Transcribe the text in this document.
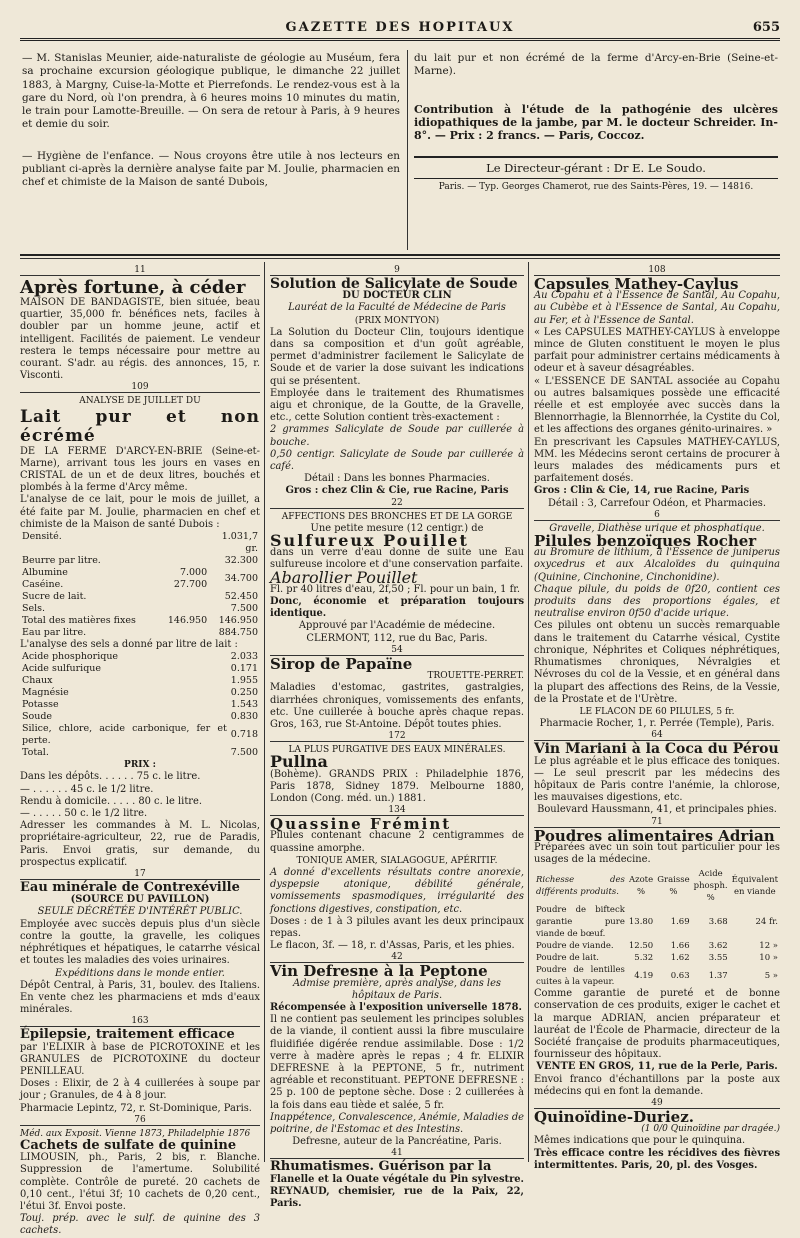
GAZETTE DES HOPITAUX	655

— M. Stanislas Meunier, aide-naturaliste de géologie au Muséum, fera sa prochaine excursion géologique publique, le dimanche 22 juillet 1883, à Margny, Cuise-la-Motte et Pierrefonds. Le rendez-vous est à la gare du Nord, où l'on prendra, à 6 heures moins 10 minutes du matin, le train pour Lamotte-Breuille. — On sera de retour à Paris, à 9 heures et demie du soir.

— Hygiène de l'enfance. — Nous croyons être utile à nos lecteurs en publiant ci-après la dernière analyse faite par M. Joulie, pharmacien en chef et chimiste de la Maison de santé Dubois,

du lait pur et non écrémé de la ferme d'Arcy-en-Brie (Seine-et-Marne).

Contribution à l'étude de la pathogénie des ulcères idiopathiques de la jambe, par M. le docteur Schreider. In-8°. — Prix : 2 francs. — Paris, Coccoz.

Le Directeur-gérant : Dr E. Le Soudo.

Paris. — Typ. Georges Chamerot, rue des Saints-Pères, 19. — 14816.

11

Après fortune, à céder

MAISON DE BANDAGISTE, bien située, beau quartier, 35,000 fr. bénéfices nets, faciles à doubler par un homme jeune, actif et intelligent. Facilités de paiement. Le vendeur restera le temps nécessaire pour mettre au courant. S'adr. au régis. des annonces, 15, r. Visconti.

109

ANALYSE DE JUILLET DU

Lait pur et non écrémé

DE LA FERME D'ARCY-EN-BRIE (Seine-et-Marne), arrivant tous les jours en vases en CRISTAL de un et de deux litres, bouchés et plombés à la ferme d'Arcy même.

L'analyse de ce lait, pour le mois de juillet, a été faite par M. Joulie, pharmacien en chef et chimiste de la Maison de santé Dubois :

Densité.		1.031,7
		gr.
Beurre par litre.		32.300
Albumine	7.000	34.700
Caséine.	27.700	
Sucre de lait.		52.450
Sels.		7.500
Total des matières fixes	146.950	146.950
Eau par litre.		884.750

L'analyse des sels a donné par litre de lait :

Acide phosphorique	2.033
Acide sulfurique	0.171
Chaux	1.955
Magnésie	0.250
Potasse	1.543
Soude	0.830
Silice, chlore, acide carbonique, fer et perte.	0.718
Total.	7.500

PRIX :

Dans les dépôts. . . . . . 75 c. le litre.

— . . . . . . 45 c. le 1/2 litre.

Rendu à domicile. . . . . 80 c. le litre.

— . . . . . 50 c. le 1/2 litre.

Adresser les commandes à M. L. Nicolas, propriétaire-agriculteur, 22, rue de Paradis, Paris. Envoi gratis, sur demande, du prospectus explicatif.

17

Eau minérale de Contrexéville

(SOURCE DU PAVILLON)

SEULE DÉCRÉTÉE D'INTÉRÊT PUBLIC.

Employée avec succès depuis plus d'un siècle contre la goutte, la gravelle, les coliques néphrétiques et hépatiques, le catarrhe vésical et toutes les maladies des voies urinaires.

Expéditions dans le monde entier.

Dépôt Central, à Paris, 31, boulev. des Italiens. En vente chez les pharmaciens et mds d'eaux minérales.

163

Épilepsie, traitement efficace

par l'ELIXIR à base de PICROTOXINE et les GRANULES de PICROTOXINE du docteur PENILLEAU.

Doses : Elixir, de 2 à 4 cuillerées à soupe par jour ; Granules, de 4 à 8 jour.

Pharmacie Lepintz, 72, r. St-Dominique, Paris.

76

Méd. aux Exposit. Vienne 1873, Philadelphie 1876

Cachets de sulfate de quinine

LIMOUSIN, ph., Paris, 2 bis, r. Blanche. Suppression de l'amertume. Solubilité complète. Contrôle de pureté. 20 cachets de 0,10 cent., l'étui 3f; 10 cachets de 0,20 cent., l'étui 3f. Envoi poste.

Touj. prép. avec le sulf. de quinine des 3 cachets.

9

Solution de Salicylate de Soude

DU DOCTEUR CLIN

Lauréat de la Faculté de Médecine de Paris

(PRIX MONTYON)

La Solution du Docteur Clin, toujours identique dans sa composition et d'un goût agréable, permet d'administrer facilement le Salicylate de Soude et de varier la dose suivant les indications qui se présentent.

Employée dans le traitement des Rhumatismes aigu et chronique, de la Goutte, de la Gravelle, etc., cette Solution contient très-exactement :

2 grammes Salicylate de Soude par cuillerée à bouche.

0,50 centigr. Salicylate de Soude par cuillerée à café.

Détail : Dans les bonnes Pharmacies.

Gros : chez Clin & Cie, rue Racine, Paris

22

AFFECTIONS DES BRONCHES ET DE LA GORGE

Une petite mesure (12 centigr.) de

Sulfureux Pouillet

dans un verre d'eau donne de suite une Eau sulfureuse incolore et d'une conservation parfaite.

Abarollier Pouillet

Fl. pr 40 litres d'eau, 2f,50 ; Fl. pour un bain, 1 fr.

Donc, économie et préparation toujours identique.

Approuvé par l'Académie de médecine.

CLERMONT, 112, rue du Bac, Paris.

54

Sirop de Papaïne

TROUETTE-PERRET.

Maladies d'estomac, gastrites, gastralgies, diarrhées chroniques, vomissements des enfants, etc. Une cuillerée à bouche après chaque repas. Gros, 163, rue St-Antoine. Dépôt toutes phies.

172

LA PLUS PURGATIVE DES EAUX MINÉRALES.

Pullna

(Bohème). GRANDS PRIX : Philadelphie 1876, Paris 1878, Sidney 1879. Melbourne 1880, London (Cong. méd. un.) 1881.

134

Quassine Frémint

Pilules contenant chacune 2 centigrammes de quassine amorphe.

TONIQUE AMER, SIALAGOGUE, APÉRITIF.

A donné d'excellents résultats contre anorexie, dyspepsie atonique, débilité générale, vomissements spasmodiques, irrégularité des fonctions digestives, constipation, etc.

Doses : de 1 à 3 pilules avant les deux principaux repas.

Le flacon, 3f. — 18, r. d'Assas, Paris, et les phies.

42

Vin Defresne à la Peptone

Admise première, après analyse, dans les hôpitaux de Paris.

Récompensée à l'exposition universelle 1878.

Il ne contient pas seulement les principes solubles de la viande, il contient aussi la fibre musculaire fluidifiée digérée rendue assimilable. Dose : 1/2 verre à madère après le repas ; 4 fr. ELIXIR DEFRESNE à la PEPTONE, 5 fr., nutriment agréable et reconstituant. PEPTONE DEFRESNE : 25 p. 100 de peptone sèche. Dose : 2 cuillerées à la fois dans eau tiède et salée, 5 fr.

Inappétence, Convalescence, Anémie, Maladies de poitrine, de l'Estomac et des Intestins.

Defresne, auteur de la Pancréatine, Paris.

41

Rhumatismes. Guérison par la

Flanelle et la Ouate végétale du Pin sylvestre. REYNAUD, chemisier, rue de la Paix, 22, Paris.

108

Capsules Mathey-Caylus

Au Copahu et à l'Essence de Santal, Au Copahu, au Cubèbe et à l'Essence de Santal, Au Copahu, au Fer, et à l'Essence de Santal.

« Les CAPSULES MATHEY-CAYLUS à enveloppe mince de Gluten constituent le moyen le plus parfait pour administrer certains médicaments à odeur et à saveur désagréables.

« L'ESSENCE DE SANTAL associée au Copahu ou autres balsamiques possède une efficacité réelle et est employée avec succès dans la Blennorrhagie, la Blennorrhée, la Cystite du Col, et les affections des organes génito-urinaires. »

En prescrivant les Capsules MATHEY-CAYLUS, MM. les Médecins seront certains de procurer à leurs malades des médicaments purs et parfaitement dosés.

Gros : Clin & Cie, 14, rue Racine, Paris

Détail : 3, Carrefour Odéon, et Pharmacies.

6

Gravelle, Diathèse urique et phosphatique.

Pilules benzoïques Rocher

au Bromure de lithium, à l'Essence de juniperus oxycedrus et aux Alcaloïdes du quinquina (Quinine, Cinchonine, Cinchonidine).

Chaque pilule, du poids de 0f20, contient ces produits dans des proportions égales, et neutralise environ 0f50 d'acide urique.

Ces pilules ont obtenu un succès remarquable dans le traitement du Catarrhe vésical, Cystite chronique, Néphrites et Coliques néphrétiques, Rhumatismes chroniques, Névralgies et Névroses du col de la Vessie, et en général dans la plupart des affections des Reins, de la Vessie, de la Prostate et de l'Urètre.

LE FLACON DE 60 PILULES, 5 fr.

Pharmacie Rocher, 1, r. Perrée (Temple), Paris.

64

Vin Mariani à la Coca du Pérou

Le plus agréable et le plus efficace des toniques. — Le seul prescrit par les médecins des hôpitaux de Paris contre l'anémie, la chlorose, les mauvaises digestions, etc.

Boulevard Haussmann, 41, et principales phies.

71

Poudres alimentaires Adrian

Préparées avec un soin tout particulier pour les usages de la médecine.

Richesse des différents produits.	Azote %	Graisse %	Acide phosph. %	Équivalent en viande
Poudre de bifteck garantie pure viande de bœuf.	13.80	1.69	3.68	24 fr.
Poudre de viande.	12.50	1.66	3.62	12 »
Poudre de lait.	5.32	1.62	3.55	10 »
Poudre de lentilles cuites à la vapeur.	4.19	0.63	1.37	5 »

Comme garantie de pureté et de bonne conservation de ces produits, exiger le cachet et la marque ADRIAN, ancien préparateur et lauréat de l'École de Pharmacie, directeur de la Société française de produits pharmaceutiques, fournisseur des hôpitaux.

VENTE EN GROS, 11, rue de la Perle, Paris.

Envoi franco d'échantillons par la poste aux médecins qui en font la demande.

49

Quinoïdine-Duriez.

(1 0/0 Quinoïdine par dragée.)

Mêmes indications que pour le quinquina.

Très efficace contre les récidives des fièvres intermittentes. Paris, 20, pl. des Vosges.
